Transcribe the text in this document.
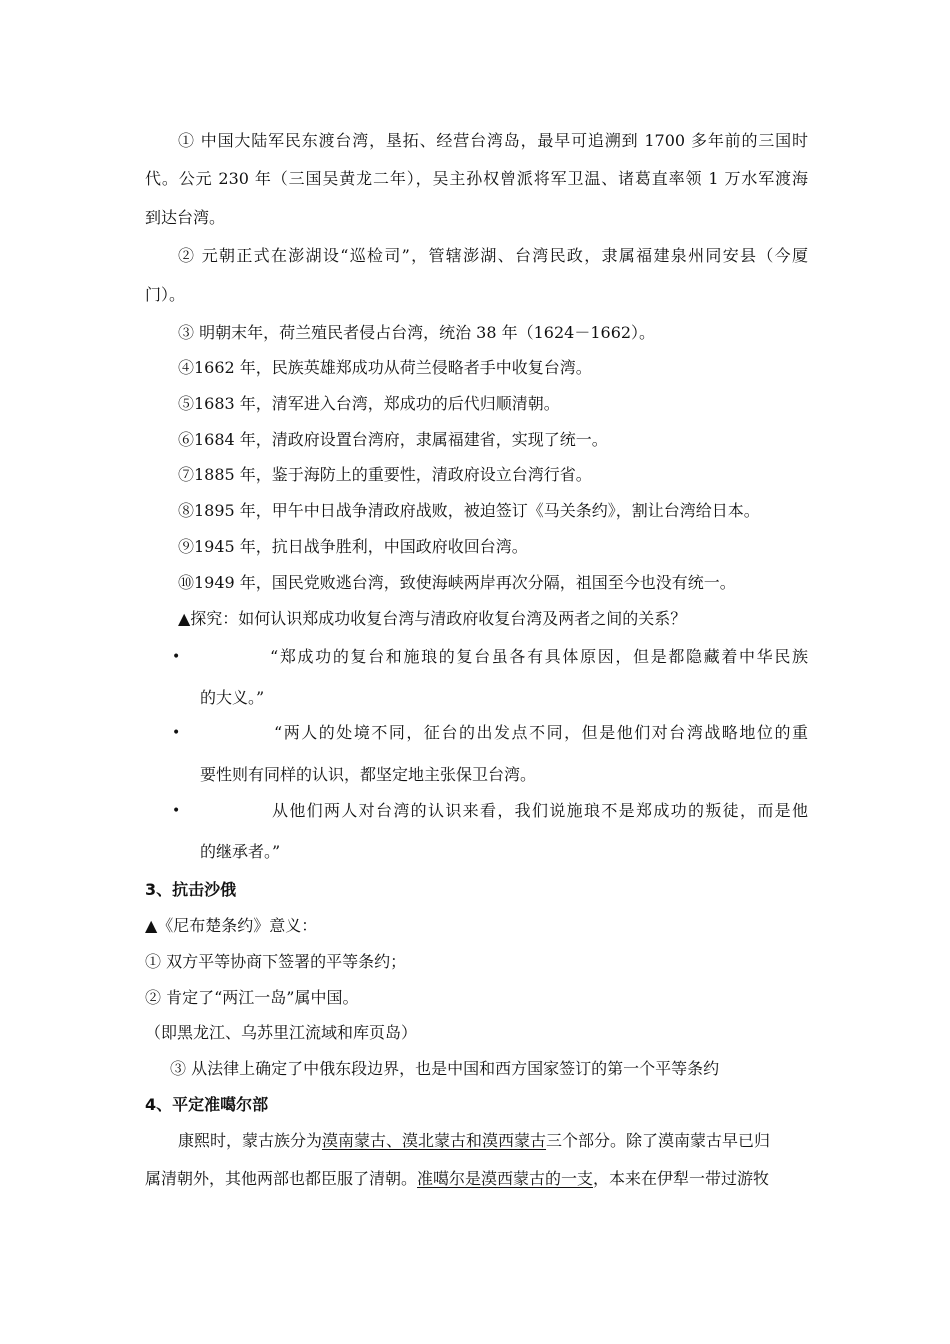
① 中国大陆军民东渡台湾，垦拓、经营台湾岛，最早可追溯到 1700 多年前的三国时
代。公元 230 年（三国吴黄龙二年），吴主孙权曾派将军卫温、诸葛直率领 1 万水军渡海
到达台湾。
② 元朝正式在澎湖设“巡检司”，管辖澎湖、台湾民政，隶属福建泉州同安县（今厦
门）。
③ 明朝末年，荷兰殖民者侵占台湾，统治 38 年（1624－1662）。
④1662 年，民族英雄郑成功从荷兰侵略者手中收复台湾。
⑤1683 年，清军进入台湾，郑成功的后代归顺清朝。
⑥1684 年，清政府设置台湾府，隶属福建省，实现了统一。
⑦1885 年，鉴于海防上的重要性，清政府设立台湾行省。
⑧1895 年，甲午中日战争清政府战败，被迫签订《马关条约》，割让台湾给日本。
⑨1945 年，抗日战争胜利，中国政府收回台湾。
⑩1949 年，国民党败逃台湾，致使海峡两岸再次分隔，祖国至今也没有统一。
▲探究：如何认识郑成功收复台湾与清政府收复台湾及两者之间的关系？
•	“郑成功的复台和施琅的复台虽各有具体原因，但是都隐藏着中华民族
的大义。”
•	“两人的处境不同，征台的出发点不同，但是他们对台湾战略地位的重
要性则有同样的认识，都坚定地主张保卫台湾。
•	从他们两人对台湾的认识来看，我们说施琅不是郑成功的叛徒，而是他
的继承者。”
3、抗击沙俄
▲《尼布楚条约》意义：
① 双方平等协商下签署的平等条约；
② 肯定了“两江一岛”属中国。
（即黑龙江、乌苏里江流域和库页岛）
③ 从法律上确定了中俄东段边界，也是中国和西方国家签订的第一个平等条约
4、平定准噶尔部
康熙时，蒙古族分为漠南蒙古、漠北蒙古和漠西蒙古三个部分。除了漠南蒙古早已归
属清朝外，其他两部也都臣服了清朝。准噶尔是漠西蒙古的一支，本来在伊犁一带过游牧
